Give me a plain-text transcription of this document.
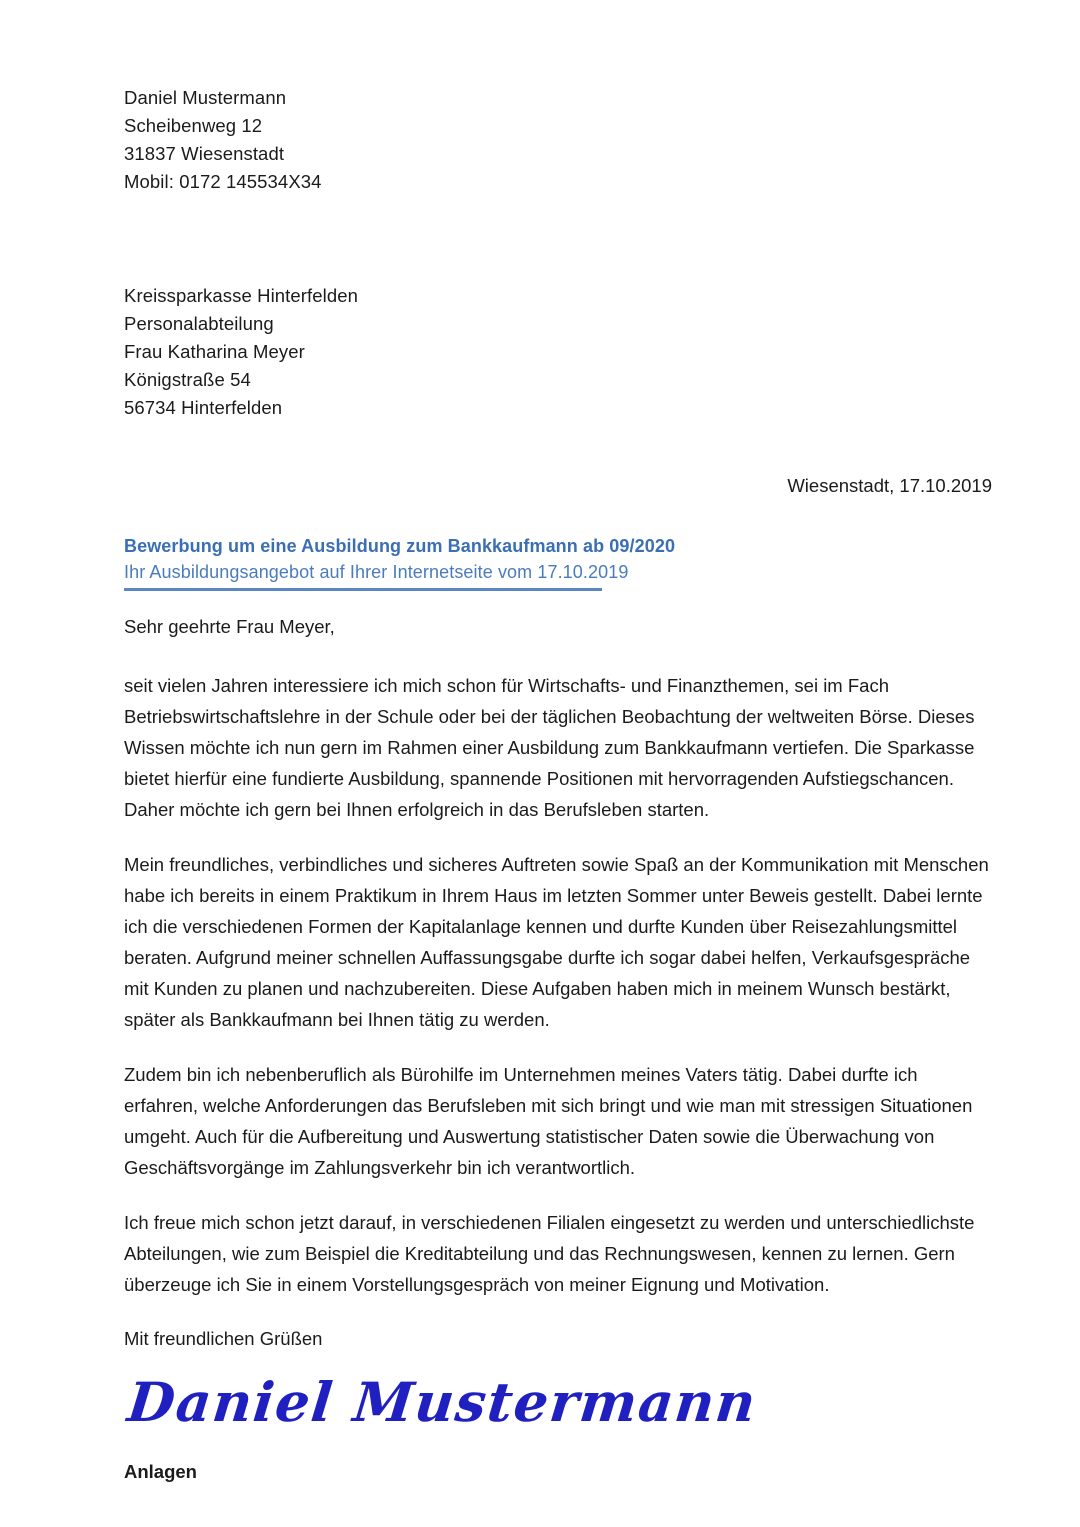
Daniel Mustermann
Scheibenweg 12
31837 Wiesenstadt
Mobil: 0172 145534X34
Kreissparkasse Hinterfelden
Personalabteilung
Frau Katharina Meyer
Königstraße 54
56734 Hinterfelden
Wiesenstadt, 17.10.2019
Bewerbung um eine Ausbildung zum Bankkaufmann ab 09/2020
Ihr Ausbildungsangebot auf Ihrer Internetseite vom 17.10.2019

Sehr geehrte Frau Meyer,

seit vielen Jahren interessiere ich mich schon für Wirtschafts- und Finanzthemen, sei im Fach Betriebswirtschaftslehre in der Schule oder bei der täglichen Beobachtung der weltweiten Börse. Dieses Wissen möchte ich nun gern im Rahmen einer Ausbildung zum Bankkaufmann vertiefen. Die Sparkasse bietet hierfür eine fundierte Ausbildung, spannende Positionen mit hervorragenden Aufstiegschancen. Daher möchte ich gern bei Ihnen erfolgreich in das Berufsleben starten.

Mein freundliches, verbindliches und sicheres Auftreten sowie Spaß an der Kommunikation mit Menschen habe ich bereits in einem Praktikum in Ihrem Haus im letzten Sommer unter Beweis gestellt. Dabei lernte ich die verschiedenen Formen der Kapitalanlage kennen und durfte Kunden über Reisezahlungsmittel beraten. Aufgrund meiner schnellen Auffassungsgabe durfte ich sogar dabei helfen, Verkaufsgespräche mit Kunden zu planen und nachzubereiten. Diese Aufgaben haben mich in meinem Wunsch bestärkt, später als Bankkaufmann bei Ihnen tätig zu werden.

Zudem bin ich nebenberuflich als Bürohilfe im Unternehmen meines Vaters tätig. Dabei durfte ich erfahren, welche Anforderungen das Berufsleben mit sich bringt und wie man mit stressigen Situationen umgeht. Auch für die Aufbereitung und Auswertung statistischer Daten sowie die Überwachung von Geschäftsvorgänge im Zahlungsverkehr bin ich verantwortlich.

Ich freue mich schon jetzt darauf, in verschiedenen Filialen eingesetzt zu werden und unterschiedlichste Abteilungen, wie zum Beispiel die Kreditabteilung und das Rechnungswesen, kennen zu lernen. Gern überzeuge ich Sie in einem Vorstellungsgespräch von meiner Eignung und Motivation.

Mit freundlichen Grüßen

Daniel Mustermann

Anlagen
